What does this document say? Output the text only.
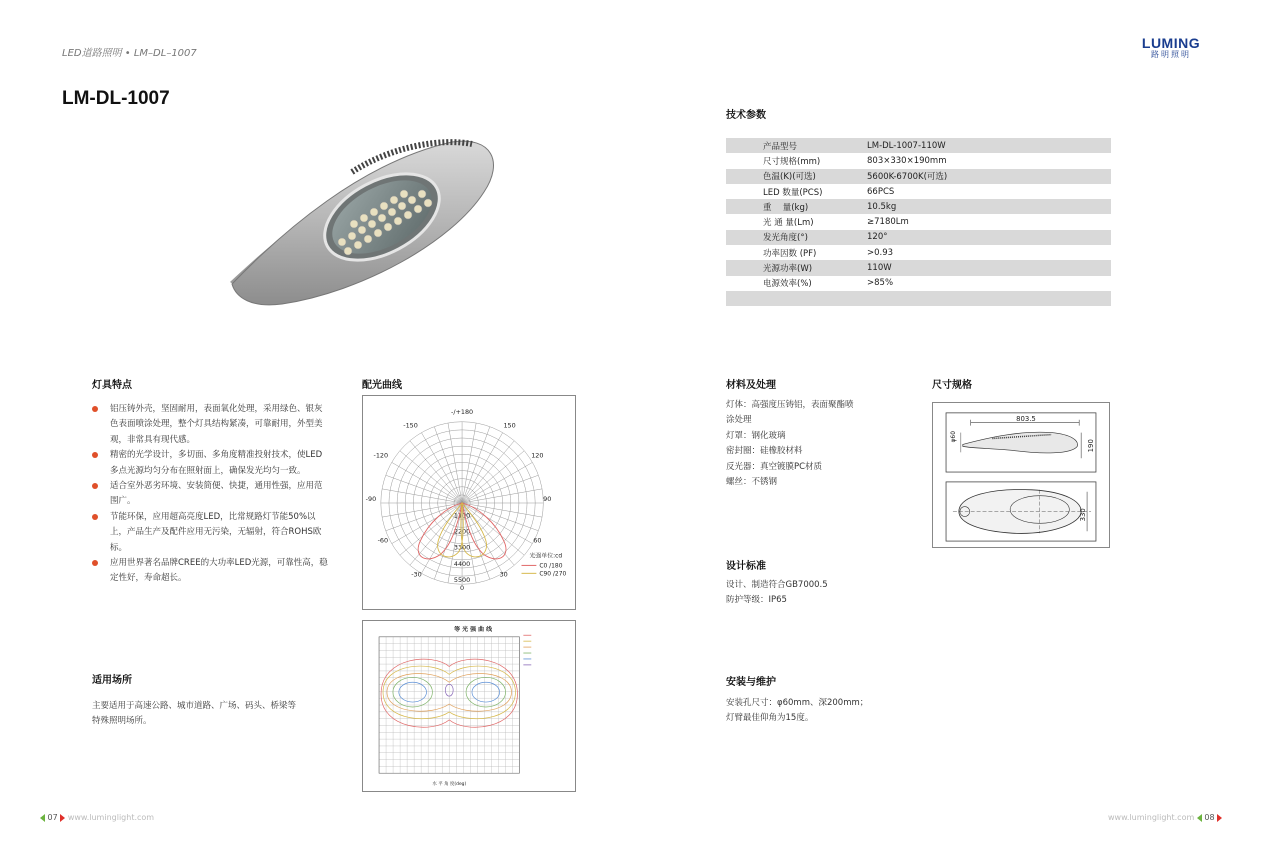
LED道路照明 • LM–DL–1007
LUMING
路明照明
LM-DL-1007
技术参数
产品型号	LM-DL-1007-110W
尺寸规格(mm)	803×330×190mm
色温(K)(可选)	5600K-6700K(可选)
LED 数量(PCS)	66PCS
重　 量(kg)	10.5kg
光 通 量(Lm)	≥7180Lm
发光角度(°)	120°
功率因数 (PF)	>0.93
光源功率(W)	110W
电源效率(%)	>85%

灯具特点
铝压铸外壳，坚固耐用，表面氧化处理，采用绿色、银灰色表面喷涂处理，整个灯具结构紧凑，可靠耐用，外型美观，非常具有现代感。
精密的光学设计，多切面、多角度精准投射技术，使LED多点光源均匀分布在照射面上，确保发光均匀一致。
适合室外恶劣环境、安装简便、快捷，通用性强，应用范围广。
节能环保，应用超高亮度LED，比常规路灯节能50%以上，产品生产及配件应用无污染，无辐射，符合ROHS欧标。
应用世界著名品牌CREE的大功率LED光源，可靠性高，稳定性好，寿命超长。
适用场所
主要适用于高速公路、城市道路、广场、码头、桥梁等
特殊照明场所。
配光曲线
-/+180
150
-150
120
-120
90
-90
60
-60
30
-30
0
1100
2200
3300
4400
5500
光强单位:cd
C0 /180
C90 /270
等 光 强 曲 线
水 平 角 度(deg)
材料及处理
灯体：高强度压铸铝，表面聚酯喷
涂处理
灯罩：钢化玻璃
密封圈：硅橡胶材料
反光器：真空镀膜PC材质
螺丝：不锈钢
设计标准
设计、制造符合GB7000.5
防护等级：IP65
安装与维护
安装孔尺寸：φ60mm、深200mm；
灯臂最佳仰角为15度。
尺寸规格
803.5
φ60
190
330
07 www.luminglight.com	www.luminglight.com 08
